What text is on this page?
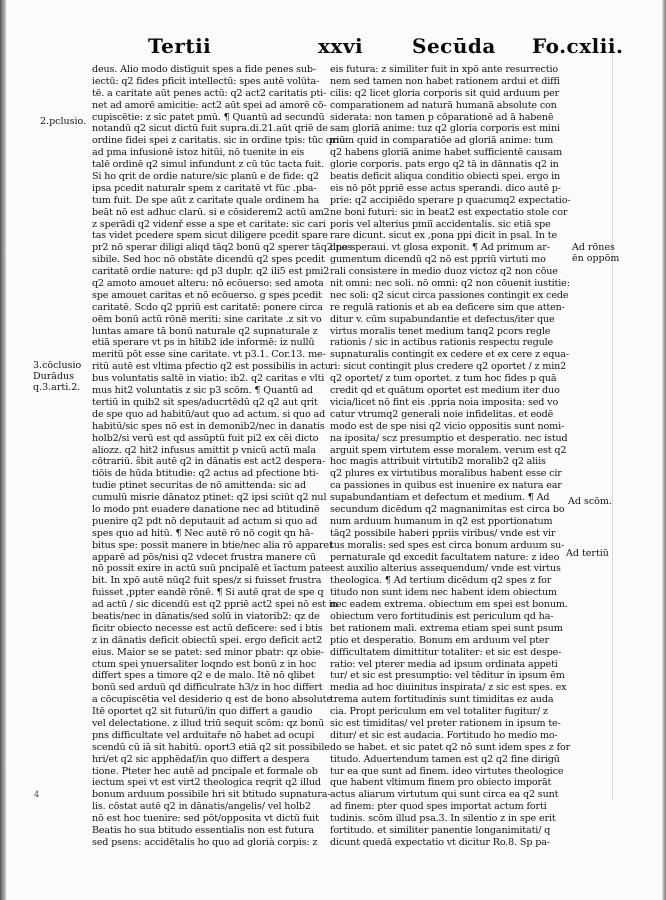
Tertii	xxvi Secūda Fo.cxlii.
2.pclusio.
3.cōclusio
Durādus
q.3.arti.2.
Ad rōnes
ēn oppōm
Ad scōm.
Ad tertiū
deus. Alio modo distīguit spes a fide penes sub-
iectū: q2 fides pficit intellectū: spes autē volūta-
tē. a caritate aūt penes actū: q2 act2 caritatis pti-
net ad amorē amicitie: act2 aūt spei ad amorē cō-
cupiscētie: z sic patet pmū. ¶ Quantū ad secundū
notandū q2 sicut dictū fuit supra.di.21.aūt qriē de
ordine fidei spei z caritatis. sic in ordine tpis: tūc qriū
ad pma infusionē istoz hitūi, nō tuenite in eis
talē ordinē q2 simul infundunt z cū tūc tacta fuit.
Si ho qrit de ordie nature/sic planū e de fide: q2
ipsa pcedit naturalr spem z caritatē vt fūc .pba-
tum fuit. De spe aūt z caritate quale ordinem ha
beāt nō est adhuc clarū. si e cōsiderem2 actū am2
z sperādi q2 videnř esse a spe et caritate: sic cari
tas videt pcedere spem sicut diligere pcedit spare
pr2 nō sperar diligi aliqd tāq2 bonū q2 sperer tāq2 pos
sibile. Sed hoc nō obstāte dicendū q2 spes pcedit
caritatē ordie nature: qd p3 duplr. q2 ili5 est pmi2
q2 amoto amouet alteru: nō ecōuerso: sed amota
spe amouet caritas et nō ecōuerso. g spes pcedit
caritatē. Scdo q2 ppriū est caritatē: ponere circa
oēm bonū actū rōnē meriti: sine caritate .z sit vo
luntas amare tā bonū naturale q2 supnaturale z
etiā sperare vt ps in hītib2 ide informē: iz nullū
meritū pōt esse sine caritate. vt p3.1. Cor.13. me-
ritū autē est vltima pfectio q2 est possibilis in actu
bus voluntatis saltē in viatio: ib2. q2 caritas e vlti
mus hit2 voluntatis z sic p3 scōm. ¶ Quantū ad
tertiū in quib2 sit spes/aducrtēdū q2 q2 aut qrit
de spe quo ad habitū/aut quo ad actum. si quo ad
habitū/sic spes nō est in demonib2/nec in danatis
holb2/si verū est qd assūptū fuit pi2 ex cēi dicto
aliozz. q2 hit2 infusus amittit p vnicū actū mala
cōtrariū. ŝbit autē q2 in dānatis est act2 despera-
tiōis de hūda btitudie: q2 actus ad pfectione bti-
tudie ptinet securitas de nō amittenda: sic ad
cumulū misrie dānatoz ptinet: q2 ipsi sciūt q2 nul
lo modo pnt euadere danatione nec ad btitudinē
puenire q2 pdt nō deputauit ad actum si quo ad
spes quo ad hitū. ¶ Nec autē rō nō cogit qn hā-
bitus spe: possit manere in btie/nec alia rō apparet
apparē ad pōs/nisi q2 vdecet frustra manere cū
nō possit exire in actū suū pncipalē et īactum pate
bit. In xpō autē nūq2 fuit spes/z si fuisset frustra
fuisset ,ppter eandē rōnē. ¶ Si autē qrat de spe q
ad actū / sic dicendū est q2 ppriē act2 spei nō est in
beatis/nec in dānatis/sed solū in viatorib2: qz de
ficitr obiecto necesse est actū deficere: sed i btis
z in dānatis deficit obiectū spei. ergo deficit act2
eius. Maior se se patet: sed minor pbatr: qz obie-
ctum spei ynuersaliter loqndo est bonū z in hoc
differt spes a timore q2 e de malo. Itē nō qlibet
bonū sed arduū qd difficulrate h3/z in hoc differt
a cōcupiscētia vel desiderio q est de bono absolute
Itē oportet q2 sit futurū/in quo differt a gaudio
vel delectatione. z illud triū sequit scōm: qz bonū
pns difficultate vel arduitaře nō habet ad ocupi
scendū cū iā sit habitū. oport3 etiā q2 sit possibile
hri/et q2 sic apphēdaf/in quo differt a despera
tione. Pteter hec autē ad pncipale et formale ob
iectum spei vt est virt2 theologica reqrit q2 illud
bonum arduum possibile hri sit btitudo supnatura-
lis. cōstat autē q2 in dānatis/angelis/ vel holb2
nō est hoc tuenire: sed pōt/opposita vt dictū fuit
Beatis ho sua btitudo essentialis non est futura
sed psens: accidētalis ho quo ad glorià corpis: z
eis futura: z similiter fuit in xpō ante resurrectio
nem sed tamen non habet rationem ardui et diffi
cilis: q2 licet gloria corporis sit quid arduum per
comparationem ad naturā humanā absolute con
siderata: non tamen p cōparationē ad ā habenē
sam gloriā anime: tuz q2 gloria corporis est mini
mum quid in comparatiōe ad gloriā anime: tum
q2 habens gloriā anime habet sufficientē causam
glorie corporis. pats ergo q2 tā in dānnatis q2 in
beatis deficit aliqua conditio obiecti spei. ergo in
eis nō pōt ppriē esse actus sperandi. dico autē p-
prie: q2 accipiēdo sperare p quacumq2 expectatio-
ne boni futuri: sic in beat2 est expectatio stole cor
poris vel alterius pmiī accidentalis. sic etiā spe
rare dicunt. sicut ex ,pona ppi dicit in psal. In te
dne speraui. vt glosa exponit. ¶ Ad primum ar-
gumentum dicendū q2 nō est ppriū virtuti mo
rali consistere in medio duoz victoz q2 non cōue
nit omni: nec soli. nō omni: q2 non cōuenit iustitie:
nec soli: q2 sicut circa passiones contingit ex cede
re regulā rationis et ab ea deficere sim que atten-
ditur v. cūm supabundantie et defectus/iter que
virtus moralis tenet medium tanq2 pcors regle
rationis / sic in actibus rationis respectu regule
supnaturalis contingit ex cedere et ex cere z equa-
ri: sicut contingit plus credere q2 oportet / z min2
q2 oportet/ z tum oportet. z tum hoc fides p quā
credit qd et quātum oportet est medium iter duo
vicia/licet nō fint eis .ppria noia imposita: sed vo
catur vtrumq2 generali noie infidelitas. et eodē
modo est de spe nisi q2 vicio oppositis sunt nomi-
na iposita/ scz presumptio et desperatio. nec istud
arguit spem virtutem esse moralem. verum est q2
hoc magis attribuit virtutib2 moralib2 q2 aliis
q2 plures ex virtutibus moralibus habent esse cir
ca passiones in quibus est inuenire ex natura ear
supabundantiam et defectum et medium. ¶ Ad
secundum dicēdum q2 magnanimitas est circa bo
num arduum humanum in q2 est pportionatum
tāq2 possibile haberi ppriis viribus/ vnde est vir
tus moralis: sed spes est circa bonum arduum su-
pernaturale qd excedit facultatem nature: z ideo
est auxilio alterius assequendum/ vnde est virtus
theologica. ¶ Ad tertium dicēdum q2 spes z for
titudo non sunt idem nec habent idem obiectum
nec eadem extrema. obiectum em spei est bonum.
obiectum vero fortitudinis est periculum qd ha-
bet rationem mali. extrema etiam spei sunt psum
ptio et desperatio. Bonum em arduum vel pter
difficultatem dimittitur totaliter: et sic est despe-
ratio: vel pterer media ad ipsum ordinata appeti
tur/ et sic est presumptio: vel tēditur in ipsum ēm
media ad hoc diuinitus inspirata/ z sic est spes. ex
trema autem fortitudinis sunt timiditas ez auda
cia. Propt periculum em vel totaliter fugitur/ z
sic est timiditas/ vel preter rationem in ipsum te-
ditur/ et sic est audacia. Fortitudo ho medio mo-
do se habet. et sic patet q2 nō sunt idem spes z for
titudo. Aduertendum tamen est q2 q2 fine dirigū
tur ea que sunt ad finem. ideo virtutes theologice
que habent vltimum finem pro obiecto imporāt
actus aliarum virtutum qui sunt circa ea q2 sunt
ad finem: pter quod spes importat actum forti
tudinis. scōm illud psa.3. In silentio z in spe erit
fortitudo. et similiter panentie longanimitati/ q
dicunt quedā expectatio vt dicitur Ro.8. Sp pa-
4
